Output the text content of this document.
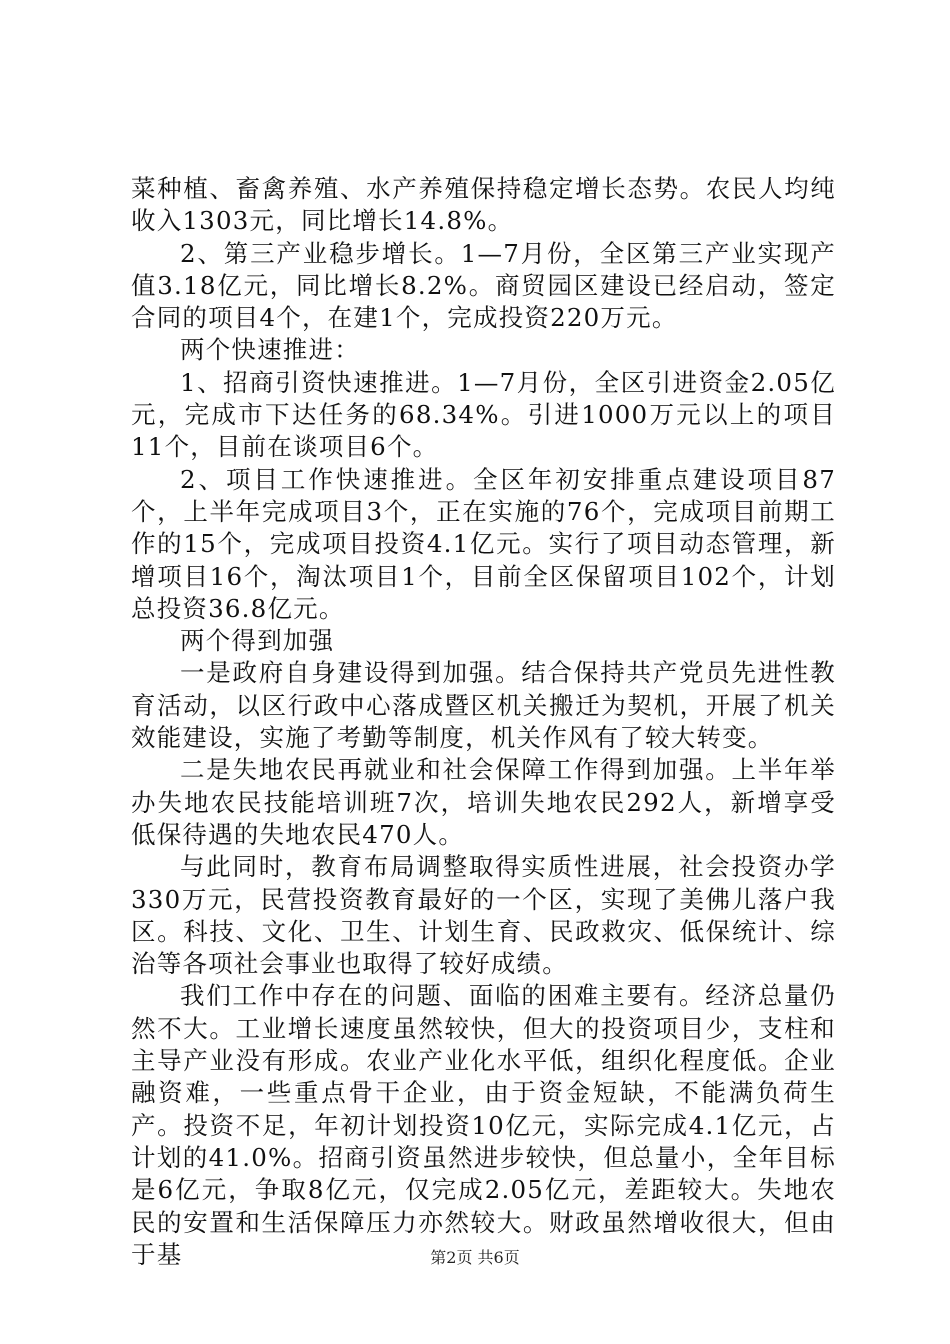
菜种植、畜禽养殖、水产养殖保持稳定增长态势。农民人均纯收入1303元，同比增长14.8%。

2、第三产业稳步增长。1—7月份，全区第三产业实现产值3.18亿元，同比增长8.2%。商贸园区建设已经启动，签定合同的项目4个，在建1个，完成投资220万元。

两个快速推进：

1、招商引资快速推进。1—7月份，全区引进资金2.05亿元，完成市下达任务的68.34%。引进1000万元以上的项目11个，目前在谈项目6个。

2、项目工作快速推进。全区年初安排重点建设项目87个，上半年完成项目3个，正在实施的76个，完成项目前期工作的15个，完成项目投资4.1亿元。实行了项目动态管理，新增项目16个，淘汰项目1个，目前全区保留项目102个，计划总投资36.8亿元。

两个得到加强

一是政府自身建设得到加强。结合保持共产党员先进性教育活动，以区行政中心落成暨区机关搬迁为契机，开展了机关效能建设，实施了考勤等制度，机关作风有了较大转变。

二是失地农民再就业和社会保障工作得到加强。上半年举办失地农民技能培训班7次，培训失地农民292人，新增享受低保待遇的失地农民470人。

与此同时，教育布局调整取得实质性进展，社会投资办学330万元，民营投资教育最好的一个区，实现了美佛儿落户我区。科技、文化、卫生、计划生育、民政救灾、低保统计、综治等各项社会事业也取得了较好成绩。

我们工作中存在的问题、面临的困难主要有。经济总量仍然不大。工业增长速度虽然较快，但大的投资项目少，支柱和主导产业没有形成。农业产业化水平低，组织化程度低。企业融资难，一些重点骨干企业，由于资金短缺，不能满负荷生产。投资不足，年初计划投资10亿元，实际完成4.1亿元，占计划的41.0%。招商引资虽然进步较快，但总量小，全年目标是6亿元，争取8亿元，仅完成2.05亿元，差距较大。失地农民的安置和生活保障压力亦然较大。财政虽然增收很大，但由于基	第2页 共6页
